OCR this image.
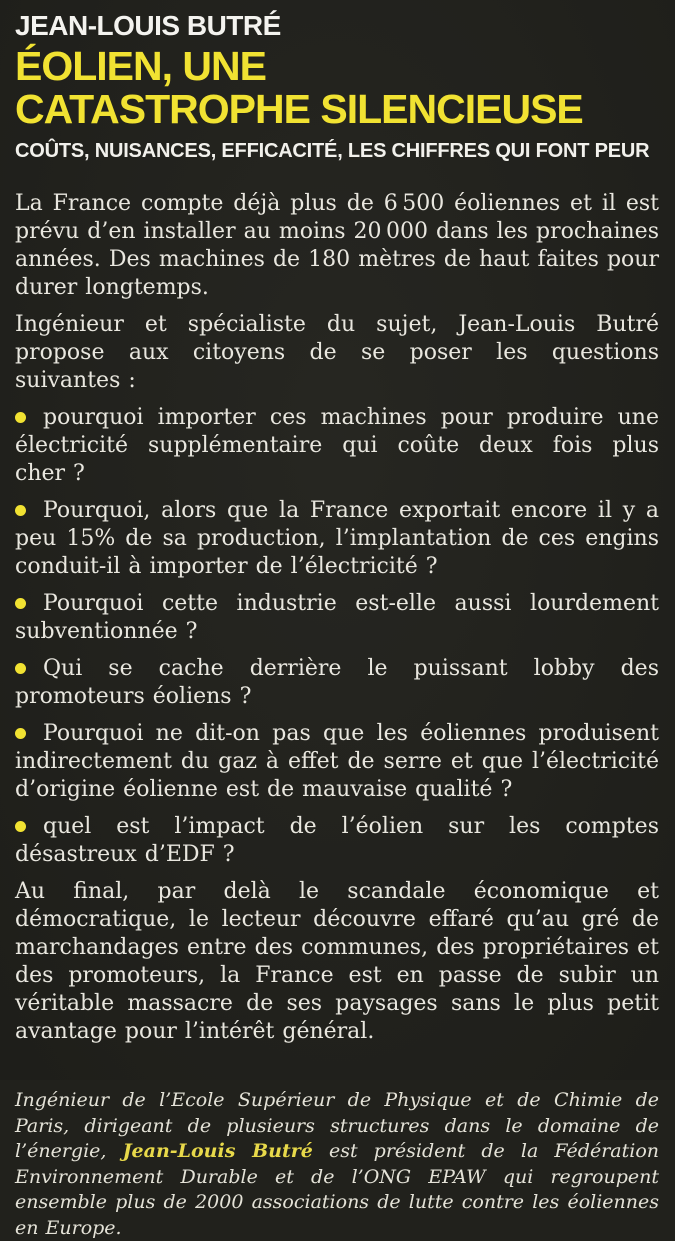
JEAN-LOUIS BUTRÉ
ÉOLIEN, UNE
CATASTROPHE SILENCIEUSE
COÛTS, NUISANCES, EFFICACITÉ, LES CHIFFRES QUI FONT PEUR

La France compte déjà plus de 6 500 éoliennes et il est prévu d’en installer au moins 20 000 dans les prochaines années. Des machines de 180 mètres de haut faites pour durer longtemps.

Ingénieur et spécialiste du sujet, Jean-Louis Butré propose aux citoyens de se poser les questions suivantes :

pourquoi importer ces machines pour produire une électricité supplémentaire qui coûte deux fois plus cher ?

Pourquoi, alors que la France exportait encore il y a peu 15% de sa production, l’implantation de ces engins conduit-il à importer de l’électricité ?

Pourquoi cette industrie est-elle aussi lourdement subventionnée ?

Qui se cache derrière le puissant lobby des promoteurs éoliens ?

Pourquoi ne dit-on pas que les éoliennes produisent indirectement du gaz à effet de serre et que l’électricité d’origine éolienne est de mauvaise qualité ?

quel est l’impact de l’éolien sur les comptes désastreux d’EDF ?

Au final, par delà le scandale économique et démocratique, le lecteur découvre effaré qu’au gré de marchandages entre des communes, des propriétaires et des promoteurs, la France est en passe de subir un véritable massacre de ses paysages sans le plus petit avantage pour l’intérêt général.

Ingénieur de l’Ecole Supérieur de Physique et de Chimie de Paris, dirigeant de plusieurs structures dans le domaine de l’énergie, Jean-Louis Butré est président de la Fédération Environnement Durable et de l’ONG EPAW qui regroupent ensemble plus de 2000 associations de lutte contre les éoliennes en Europe.
